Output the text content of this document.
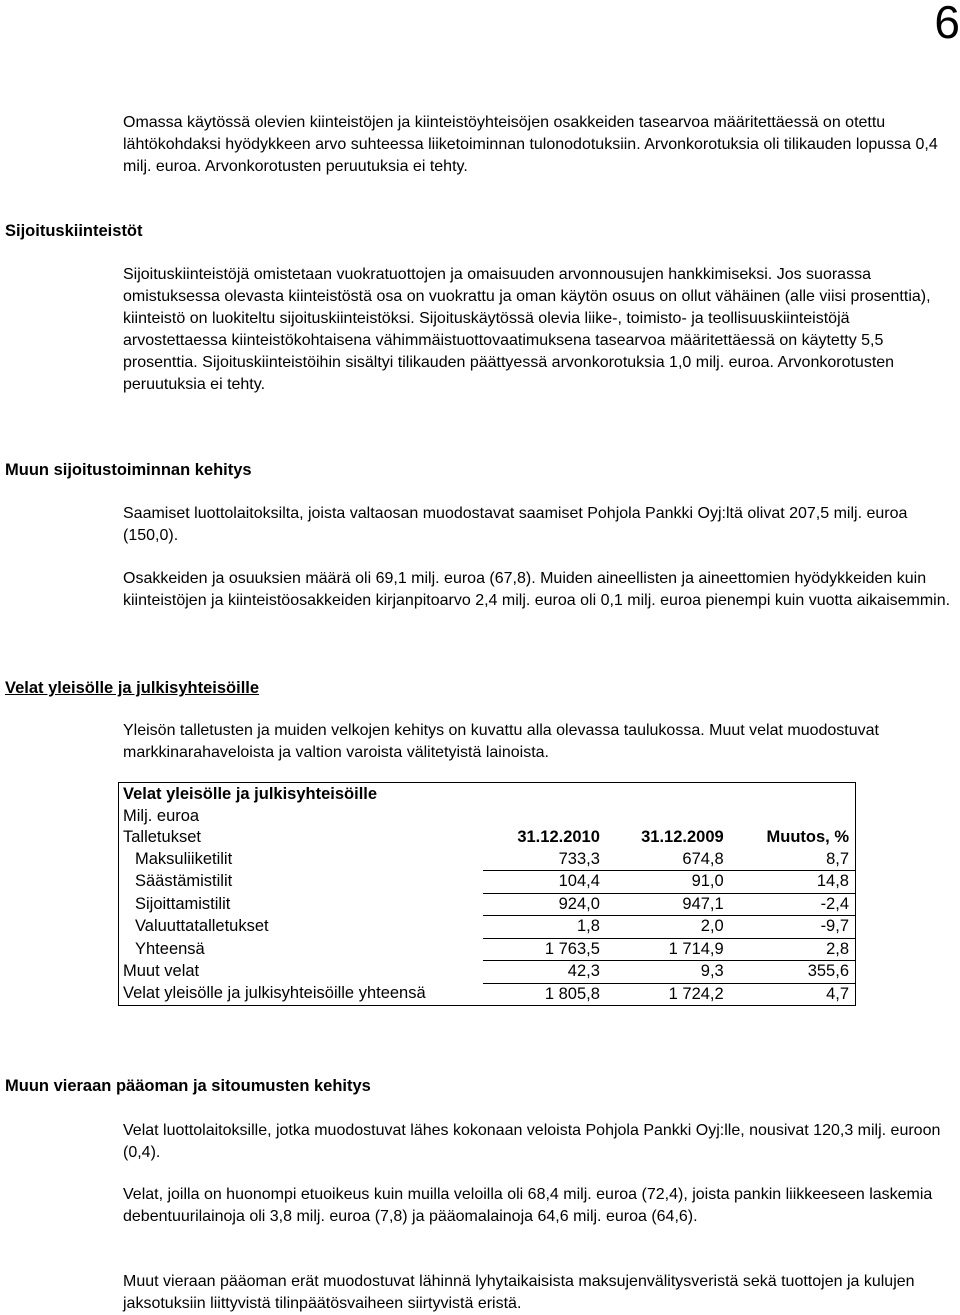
6

Omassa käytössä olevien kiinteistöjen ja kiinteistöyhteisöjen osakkeiden tasearvoa määritettäessä on otettu lähtökohdaksi hyödykkeen arvo suhteessa liiketoiminnan tulonodotuksiin. Arvonkorotuksia oli tilikauden lopussa 0,4 milj. euroa. Arvonkorotusten peruutuksia ei tehty.

Sijoituskiinteistöt

Sijoituskiinteistöjä omistetaan vuokratuottojen ja omaisuuden arvonnousujen hankkimiseksi. Jos suorassa omistuksessa olevasta kiinteistöstä osa on vuokrattu ja oman käytön osuus on ollut vähäinen (alle viisi prosenttia), kiinteistö on luokiteltu sijoituskiinteistöksi. Sijoituskäytössä olevia liike-, toimisto- ja teollisuuskiinteistöjä arvostettaessa kiinteistökohtaisena vähimmäistuottovaatimuksena tasearvoa määritettäessä on käytetty 5,5 prosenttia. Sijoituskiinteistöihin sisältyi tilikauden päättyessä arvonkorotuksia 1,0 milj. euroa. Arvonkorotusten peruutuksia ei tehty.

Muun sijoitustoiminnan kehitys

Saamiset luottolaitoksilta, joista valtaosan muodostavat saamiset Pohjola Pankki Oyj:ltä olivat 207,5 milj. euroa (150,0).

Osakkeiden ja osuuksien määrä oli 69,1 milj. euroa (67,8). Muiden aineellisten ja aineettomien hyödykkeiden kuin kiinteistöjen ja kiinteistöosakkeiden kirjanpitoarvo 2,4 milj. euroa oli 0,1 milj. euroa pienempi kuin vuotta aikaisemmin.

Velat yleisölle ja julkisyhteisöille

Yleisön talletusten ja muiden velkojen kehitys on kuvattu alla olevassa taulukossa. Muut velat muodostuvat markkinarahaveloista ja valtion varoista välitetyistä lainoista.

Velat yleisölle ja julkisyhteisöille			
Milj. euroa			
Talletukset	31.12.2010	31.12.2009	Muutos, %
Maksuliiketilit	733,3	674,8	8,7
Säästämistilit	104,4	91,0	14,8
Sijoittamistilit	924,0	947,1	-2,4
Valuuttatalletukset	1,8	2,0	-9,7
Yhteensä	1 763,5	1 714,9	2,8
Muut velat	42,3	9,3	355,6
Velat yleisölle ja julkisyhteisöille yhteensä	1 805,8	1 724,2	4,7
Muun vieraan pääoman ja sitoumusten kehitys

Velat luottolaitoksille, jotka muodostuvat lähes kokonaan veloista Pohjola Pankki Oyj:lle, nousivat 120,3 milj. euroon (0,4).

Velat, joilla on huonompi etuoikeus kuin muilla veloilla oli 68,4 milj. euroa (72,4), joista pankin liikkeeseen laskemia debentuurilainoja oli 3,8 milj. euroa (7,8) ja pääomalainoja 64,6 milj. euroa (64,6).

Muut vieraan pääoman erät muodostuvat lähinnä lyhytaikaisista maksujenvälitysveristä sekä tuottojen ja kulujen jaksotuksiin liittyvistä tilinpäätösvaiheen siirtyvistä eristä.
